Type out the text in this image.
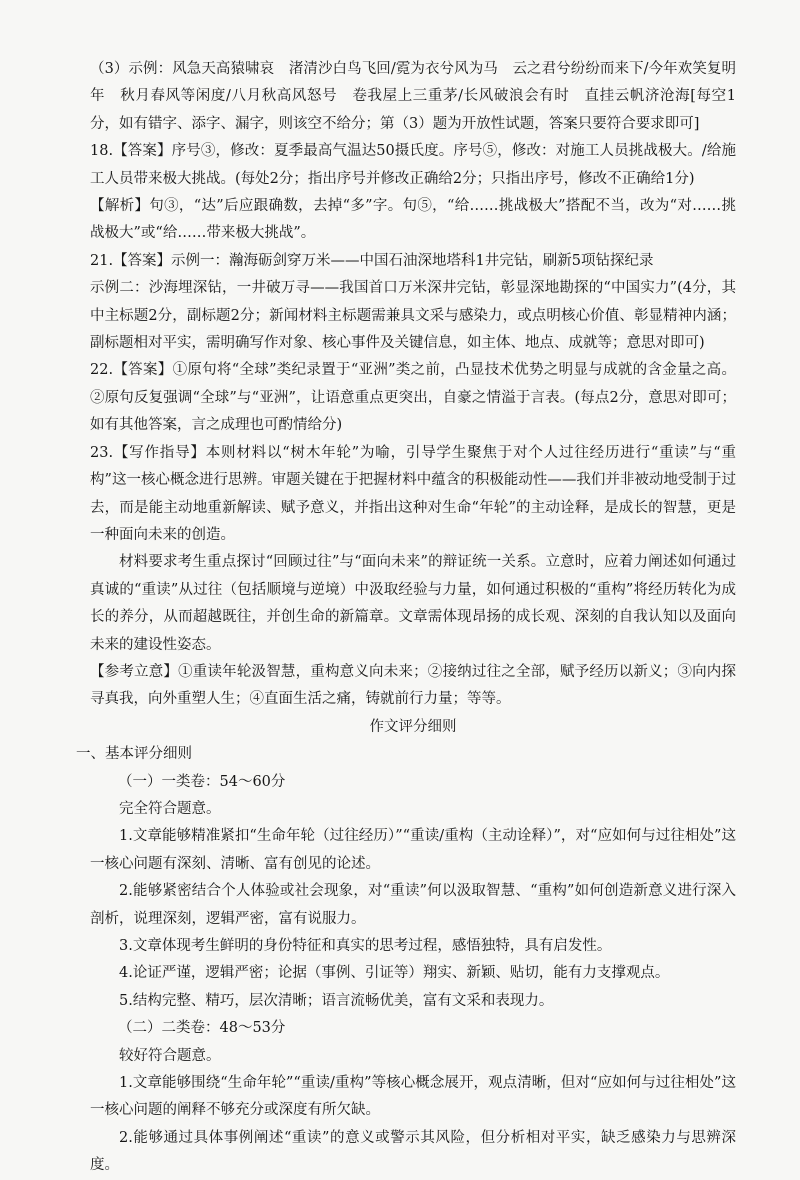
（3）示例：风急天高猿啸哀　渚清沙白鸟飞回/霓为衣兮风为马　云之君兮纷纷而来下/今年欢笑复明年　秋月春风等闲度/八月秋高风怒号　卷我屋上三重茅/长风破浪会有时　直挂云帆济沧海[每空1分，如有错字、添字、漏字，则该空不给分；第（3）题为开放性试题，答案只要符合要求即可]

18.【答案】序号③，修改：夏季最高气温达50摄氏度。序号⑤，修改：对施工人员挑战极大。/给施工人员带来极大挑战。(每处2分；指出序号并修改正确给2分；只指出序号，修改不正确给1分)

【解析】句③，“达”后应跟确数，去掉“多”字。句⑤，“给……挑战极大”搭配不当，改为“对……挑战极大”或“给……带来极大挑战”。

21.【答案】示例一：瀚海砺剑穿万米——中国石油深地塔科1井完钻，刷新5项钻探纪录

示例二：沙海埋深钻，一井破万寻——我国首口万米深井完钻，彰显深地勘探的“中国实力”(4分，其中主标题2分，副标题2分；新闻材料主标题需兼具文采与感染力，或点明核心价值、彰显精神内涵；副标题相对平实，需明确写作对象、核心事件及关键信息，如主体、地点、成就等；意思对即可)

22.【答案】①原句将“全球”类纪录置于“亚洲”类之前，凸显技术优势之明显与成就的含金量之高。②原句反复强调“全球”与“亚洲”，让语意重点更突出，自豪之情溢于言表。(每点2分，意思对即可；如有其他答案，言之成理也可酌情给分)

23.【写作指导】本则材料以“树木年轮”为喻，引导学生聚焦于对个人过往经历进行“重读”与“重构”这一核心概念进行思辨。审题关键在于把握材料中蕴含的积极能动性——我们并非被动地受制于过去，而是能主动地重新解读、赋予意义，并指出这种对生命“年轮”的主动诠释，是成长的智慧，更是一种面向未来的创造。

材料要求考生重点探讨“回顾过往”与“面向未来”的辩证统一关系。立意时，应着力阐述如何通过真诚的“重读”从过往（包括顺境与逆境）中汲取经验与力量，如何通过积极的“重构”将经历转化为成长的养分，从而超越既往，并创生命的新篇章。文章需体现昂扬的成长观、深刻的自我认知以及面向未来的建设性姿态。

【参考立意】①重读年轮汲智慧，重构意义向未来；②接纳过往之全部，赋予经历以新义；③向内探寻真我，向外重塑人生；④直面生活之痛，铸就前行力量；等等。

作文评分细则

一、基本评分细则

（一）一类卷：54～60分

完全符合题意。

1.文章能够精准紧扣“生命年轮（过往经历）”“重读/重构（主动诠释）”，对“应如何与过往相处”这一核心问题有深刻、清晰、富有创见的论述。

2.能够紧密结合个人体验或社会现象，对“重读”何以汲取智慧、“重构”如何创造新意义进行深入剖析，说理深刻，逻辑严密，富有说服力。

3.文章体现考生鲜明的身份特征和真实的思考过程，感悟独特，具有启发性。

4.论证严谨，逻辑严密；论据（事例、引证等）翔实、新颖、贴切，能有力支撑观点。

5.结构完整、精巧，层次清晰；语言流畅优美，富有文采和表现力。

（二）二类卷：48～53分

较好符合题意。

1.文章能够围绕“生命年轮”“重读/重构”等核心概念展开，观点清晰，但对“应如何与过往相处”这一核心问题的阐释不够充分或深度有所欠缺。

2.能够通过具体事例阐述“重读”的意义或警示其风险，但分析相对平实，缺乏感染力与思辨深度。
